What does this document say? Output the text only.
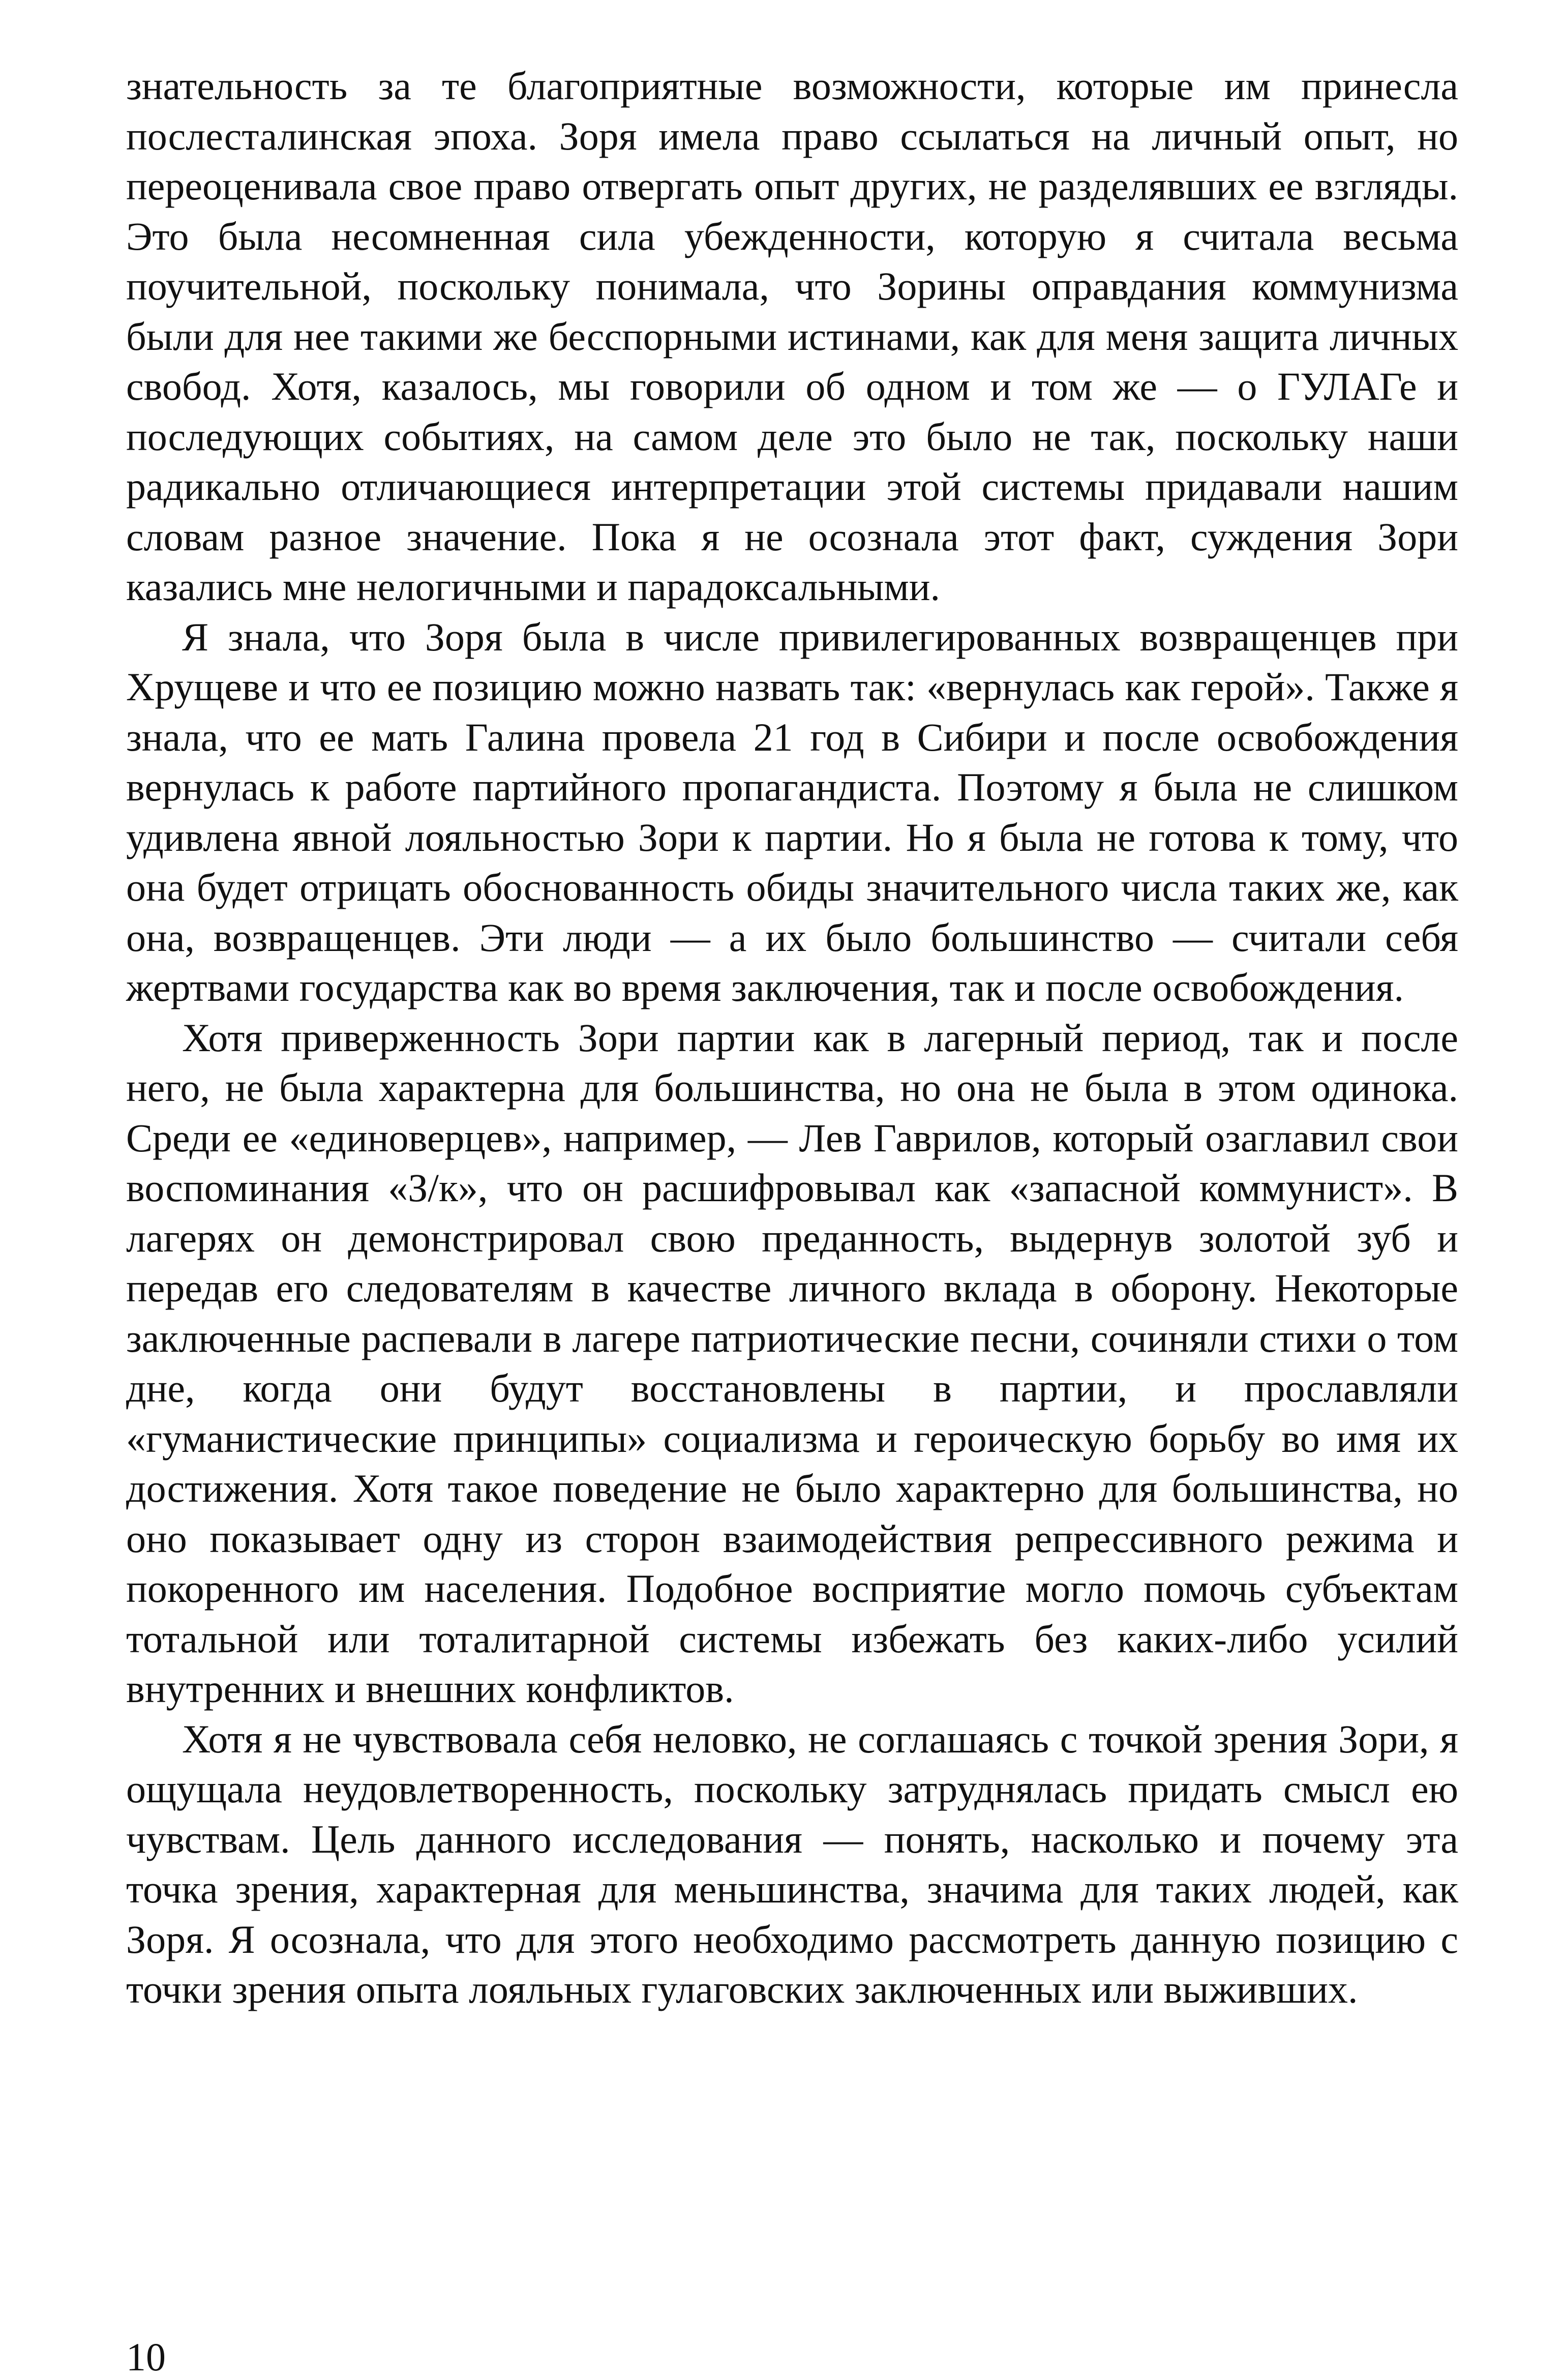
знательность за те благоприятные возможности, которые им принесла послесталинская эпоха. Зоря имела право ссылаться на личный опыт, но переоценивала свое право отвергать опыт других, не разделявших ее взгляды. Это была несомненная сила убежденности, которую я считала весьма поучительной, поскольку понимала, что Зорины оправдания коммунизма были для нее такими же бесспорными истинами, как для меня защита личных свобод. Хотя, казалось, мы говорили об одном и том же — о ГУЛАГе и последующих событиях, на самом деле это было не так, поскольку наши радикально отличающиеся интерпретации этой системы придавали нашим словам разное значение. Пока я не осознала этот факт, суждения Зори казались мне нелогичными и парадоксальными.

Я знала, что Зоря была в числе привилегированных возвращенцев при Хрущеве и что ее позицию можно назвать так: «вернулась как герой». Также я знала, что ее мать Галина провела 21 год в Сибири и после освобождения вернулась к работе партийного пропагандиста. Поэтому я была не слишком удивлена явной лояльностью Зори к партии. Но я была не готова к тому, что она будет отрицать обоснованность обиды значительного числа таких же, как она, возвращенцев. Эти люди — а их было большинство — считали себя жертвами государства как во время заключения, так и после освобождения.

Хотя приверженность Зори партии как в лагерный период, так и после него, не была характерна для большинства, но она не была в этом одинока. Среди ее «единоверцев», например, — Лев Гаврилов, который озаглавил свои воспоминания «З/к», что он расшифровывал как «запасной коммунист». В лагерях он демонстрировал свою преданность, выдернув золотой зуб и передав его следователям в качестве личного вклада в оборону. Некоторые заключенные распевали в лагере патриотические песни, сочиняли стихи о том дне, когда они будут восстановлены в партии, и прославляли «гуманистические принципы» социализма и героическую борьбу во имя их достижения. Хотя такое поведение не было характерно для большинства, но оно показывает одну из сторон взаимодействия репрессивного режима и покоренного им населения. Подобное восприятие могло помочь субъектам тотальной или тоталитарной системы избежать без каких-либо усилий внутренних и внешних конфликтов.

Хотя я не чувствовала себя неловко, не соглашаясь с точкой зрения Зори, я ощущала неудовлетворенность, поскольку затруднялась придать смысл ею чувствам. Цель данного исследования — понять, насколько и почему эта точка зрения, характерная для меньшинства, значима для таких людей, как Зоря. Я осознала, что для этого необходимо рассмотреть данную позицию с точки зрения опыта лояльных гулаговских заключенных или выживших.

10
